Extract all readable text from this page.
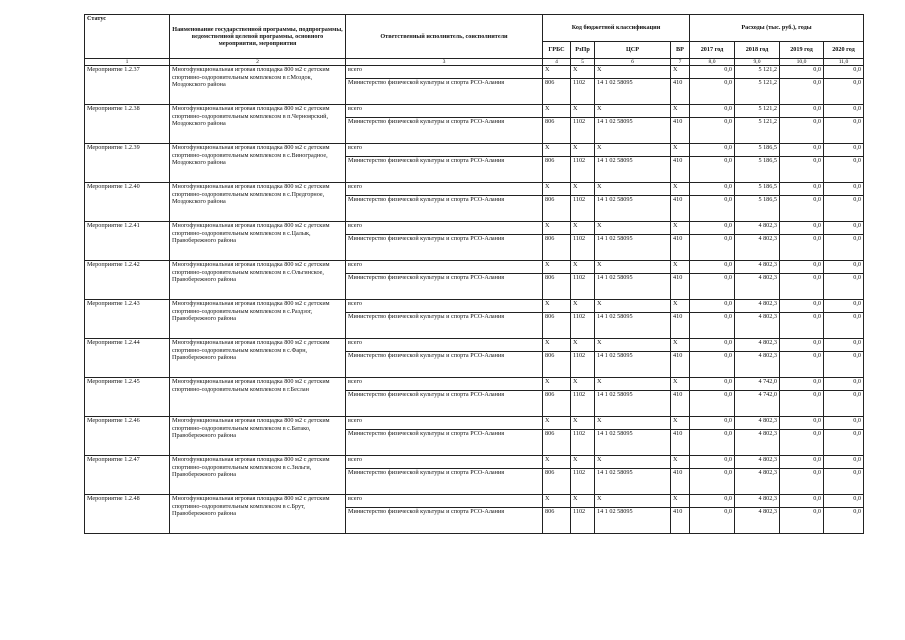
Статус	Наименование государственной программы, подпрограммы, ведомственной целевой программы, основного мероприятия, мероприятия	Ответственный исполнитель, соисполнители	Код бюджетной классификации				Расходы (тыс. руб.), годы			
			ГРБС	РзПр	ЦСР	ВР	2017 год	2018 год	2019 год	2020 год
1	2	3	4	5	6	7	8,0	9,0	10,0	11,0
Мероприятие 1.2.37	Многофункциональная игровая площадка 800 м2 с детским спортивно-оздоровительным комплексом в г.Моздок, Моздокского района	всего	X	X	X	X	0,0	5 121,2	0,0	0,0
		Министерство физической культуры и спорта РСО-Алания	806	1102	14 1 02 58095	410	0,0	5 121,2	0,0	0,0
Мероприятие 1.2.38	Многофункциональная игровая площадка 800 м2 с детским спортивно-оздоровительным комплексом в п.Черноярский, Моздокского района	всего	X	X	X	X	0,0	5 121,2	0,0	0,0
		Министерство физической культуры и спорта РСО-Алания	806	1102	14 1 02 58095	410	0,0	5 121,2	0,0	0,0
Мероприятие 1.2.39	Многофункциональная игровая площадка 800 м2 с детским спортивно-оздоровительным комплексом в с.Виноградное, Моздокского района	всего	X	X	X	X	0,0	5 186,5	0,0	0,0
		Министерство физической культуры и спорта РСО-Алания	806	1102	14 1 02 58095	410	0,0	5 186,5	0,0	0,0
Мероприятие 1.2.40	Многофункциональная игровая площадка 800 м2 с детским спортивно-оздоровительным комплексом в с.Предгорное, Моздокского района	всего	X	X	X	X	0,0	5 186,5	0,0	0,0
		Министерство физической культуры и спорта РСО-Алания	806	1102	14 1 02 58095	410	0,0	5 186,5	0,0	0,0
Мероприятие 1.2.41	Многофункциональная игровая площадка 800 м2 с детским спортивно-оздоровительным комплексом в с.Цалык, Правобережного района	всего	X	X	X	X	0,0	4 802,3	0,0	0,0
		Министерство физической культуры и спорта РСО-Алания	806	1102	14 1 02 58095	410	0,0	4 802,3	0,0	0,0
Мероприятие 1.2.42	Многофункциональная игровая площадка 800 м2 с детским спортивно-оздоровительным комплексом в с.Ольгинское, Правобережного района	всего	X	X	X	X	0,0	4 802,3	0,0	0,0
		Министерство физической культуры и спорта РСО-Алания	806	1102	14 1 02 58095	410	0,0	4 802,3	0,0	0,0
Мероприятие 1.2.43	Многофункциональная игровая площадка 800 м2 с детским спортивно-оздоровительным комплексом в с.Раздзог, Правобережного района	всего	X	X	X	X	0,0	4 802,3	0,0	0,0
		Министерство физической культуры и спорта РСО-Алания	806	1102	14 1 02 58095	410	0,0	4 802,3	0,0	0,0
Мероприятие 1.2.44	Многофункциональная игровая площадка 800 м2 с детским спортивно-оздоровительным комплексом в с.Фарн, Правобережного района	всего	X	X	X	X	0,0	4 802,3	0,0	0,0
		Министерство физической культуры и спорта РСО-Алания	806	1102	14 1 02 58095	410	0,0	4 802,3	0,0	0,0
Мероприятие 1.2.45	Многофункциональная игровая площадка 800 м2 с детским спортивно-оздоровительным комплексом в г.Беслан	всего	X	X	X	X	0,0	4 742,0	0,0	0,0
		Министерство физической культуры и спорта РСО-Алания	806	1102	14 1 02 58095	410	0,0	4 742,0	0,0	0,0
Мероприятие 1.2.46	Многофункциональная игровая площадка 800 м2 с детским спортивно-оздоровительным комплексом в с.Батако, Правобережного района	всего	X	X	X	X	0,0	4 802,3	0,0	0,0
		Министерство физической культуры и спорта РСО-Алания	806	1102	14 1 02 58095	410	0,0	4 802,3	0,0	0,0
Мероприятие 1.2.47	Многофункциональная игровая площадка 800 м2 с детским спортивно-оздоровительным комплексом в с.Зильги, Правобережного района	всего	X	X	X	X	0,0	4 802,3	0,0	0,0
		Министерство физической культуры и спорта РСО-Алания	806	1102	14 1 02 58095	410	0,0	4 802,3	0,0	0,0
Мероприятие 1.2.48	Многофункциональная игровая площадка 800 м2 с детским спортивно-оздоровительным комплексом в с.Брут, Правобережного района	всего	X	X	X	X	0,0	4 802,3	0,0	0,0
		Министерство физической культуры и спорта РСО-Алания	806	1102	14 1 02 58095	410	0,0	4 802,3	0,0	0,0
